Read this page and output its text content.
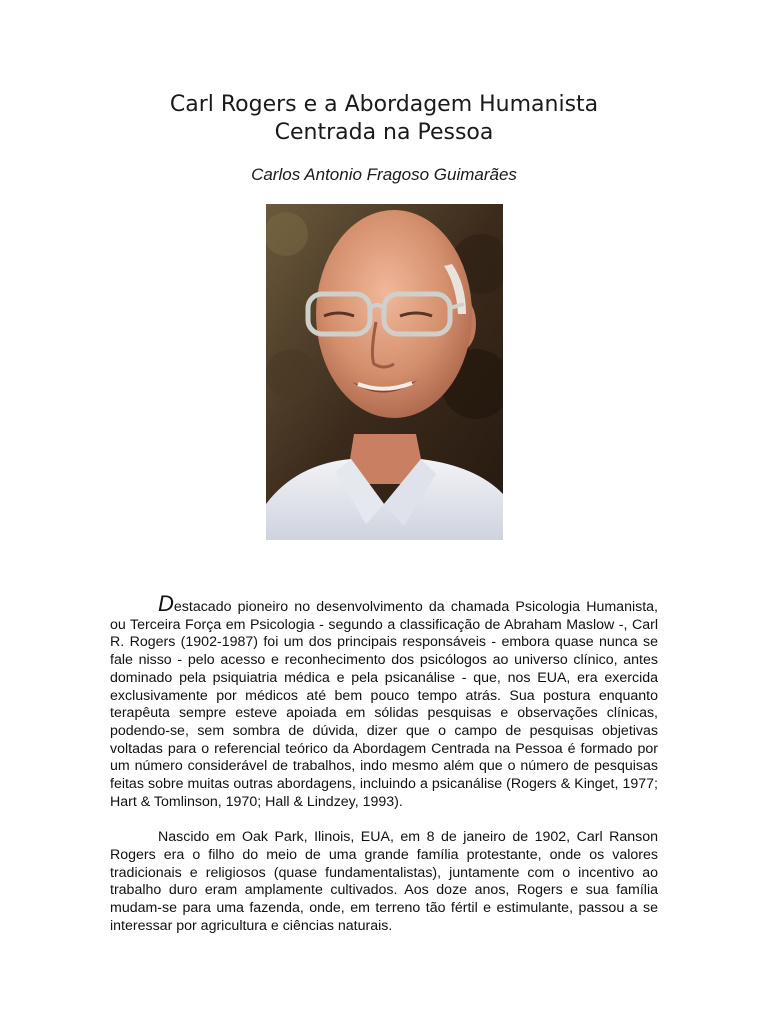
Carl Rogers e a Abordagem Humanista
Centrada na Pessoa
Carlos Antonio Fragoso Guimarães

Destacado pioneiro no desenvolvimento da chamada Psicologia Humanista, ou Terceira Força em Psicologia - segundo a classificação de Abraham Maslow -, Carl R. Rogers (1902-1987) foi um dos principais responsáveis - embora quase nunca se fale nisso - pelo acesso e reconhecimento dos psicólogos ao universo clínico, antes dominado pela psiquiatria médica e pela psicanálise - que, nos EUA, era exercida exclusivamente por médicos até bem pouco tempo atrás. Sua postura enquanto terapêuta sempre esteve apoiada em sólidas pesquisas e observações clínicas, podendo-se, sem sombra de dúvida, dizer que o campo de pesquisas objetivas voltadas para o referencial teórico da Abordagem Centrada na Pessoa é formado por um número considerável de trabalhos, indo mesmo além que o número de pesquisas feitas sobre muitas outras abordagens, incluindo a psicanálise (Rogers & Kinget, 1977; Hart & Tomlinson, 1970; Hall & Lindzey, 1993).

Nascido em Oak Park, Ilinois, EUA, em 8 de janeiro de 1902, Carl Ranson Rogers era o filho do meio de uma grande família protestante, onde os valores tradicionais e religiosos (quase fundamentalistas), juntamente com o incentivo ao trabalho duro eram amplamente cultivados. Aos doze anos, Rogers e sua família mudam-se para uma fazenda, onde, em terreno tão fértil e estimulante, passou a se interessar por agricultura e ciências naturais.
